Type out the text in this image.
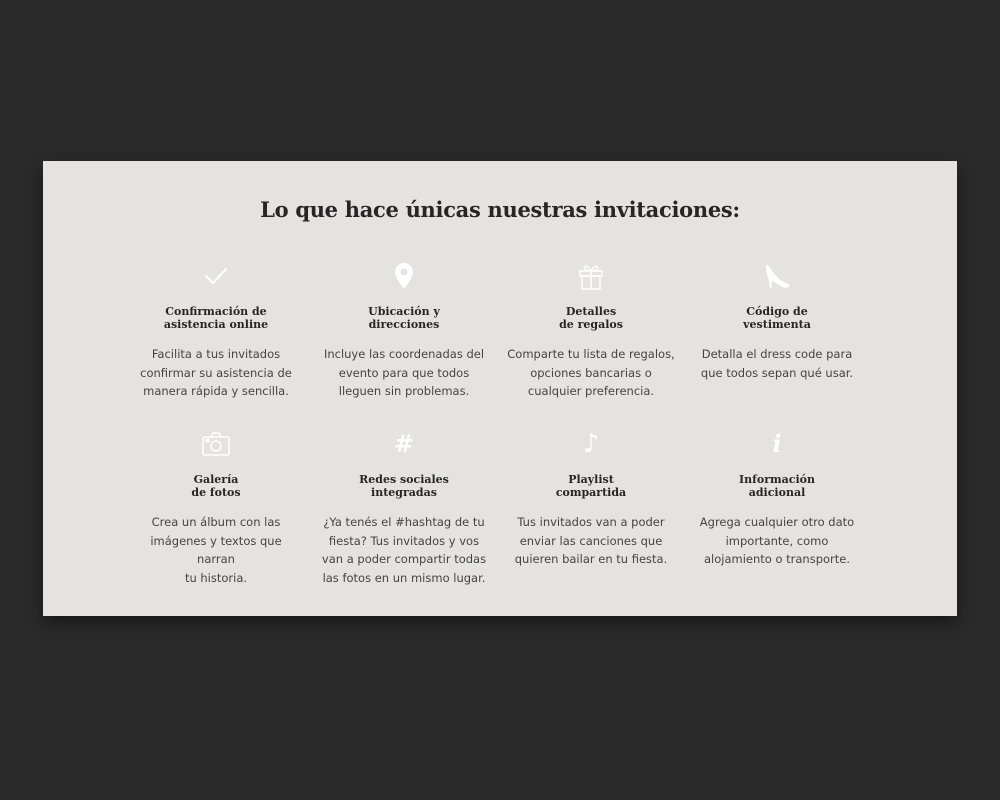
Lo que hace únicas nuestras invitaciones:
Confirmación de
asistencia online
Facilita a tus invitados
confirmar su asistencia de
manera rápida y sencilla.
Ubicación y
direcciones
Incluye las coordenadas del
evento para que todos
lleguen sin problemas.
Detalles
de regalos
Comparte tu lista de regalos,
opciones bancarias o
cualquier preferencia.
Código de
vestimenta
Detalla el dress code para
que todos sepan qué usar.
Galería
de fotos
Crea un álbum con las
imágenes y textos que narran
tu historia.
#
Redes sociales
integradas
¿Ya tenés el #hashtag de tu
fiesta? Tus invitados y vos
van a poder compartir todas
las fotos en un mismo lugar.
♪
Playlist
compartida
Tus invitados van a poder
enviar las canciones que
quieren bailar en tu fiesta.
i
Información
adicional
Agrega cualquier otro dato
importante, como
alojamiento o transporte.
